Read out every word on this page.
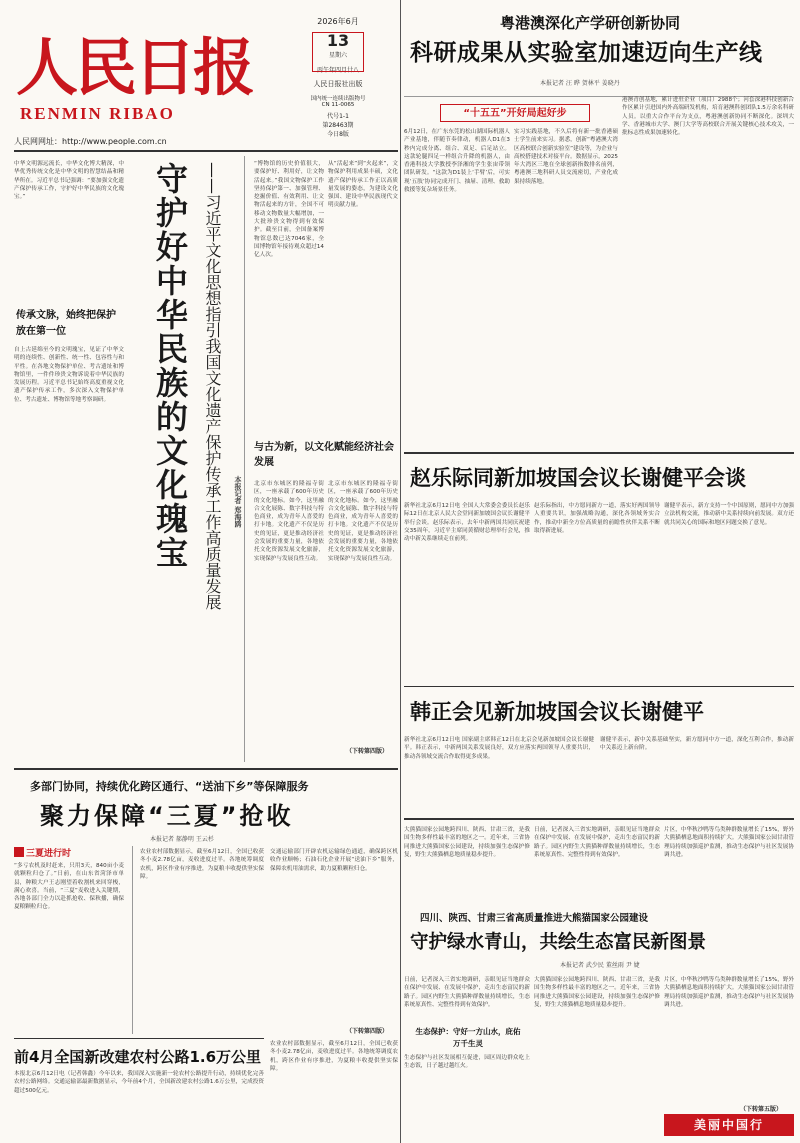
人民日报
RENMIN RIBAO
人民网网址：http://www.people.com.cn
2026年6月
13
星期六
丙午年四月廿八
人民日报社出版
国内统一连续出版物号
CN 11-0065
代号1-1
第28463期
今日8版
粤港澳深化产学研创新协同
科研成果从实验室加速迈向生产线
本报记者 汪 晔 贺林平 姜晓丹
“十五五”开好局起好步
6月12日，在广东东莞的松山湖国际机器人产业基地，伴随节奏律动，机器人D1在3秒内完成分离、组合、双足、后足站立。这款轮腿四足一样组合升降的机器人，由香港科技大学教授李泽湘的学生张宙带领团队研发。“这款为D1装上‘手臂’后，可实现‘五肢’协同完成开门、抽屉、清理、救助救援等复杂场景任务。
实习实践基地，不久后将有新一批香港硕士学生前来实习。据悉，创新“粤港澳大湾区高校联合创新实验室”建设等，为企业与高校搭建技术对接平台。数据显示，2025年大湾区三地在全球创新指数排名前列，粤港澳三地科研人员交流密切，产业化成果持续落地。
港澳青创基地，累计进驻企业（项目）2988个；河套深港科技创新合作区累计引进国内外高端研发机构，培育港澳科创团队1.5万余名科研人员。以重大合作平台为支点，粤港澳创新协同不断深化。深圳大学、香港城市大学、澳门大学等高校联合开展关键核心技术攻关，一批标志性成果加速转化。
中华文明源远流长，中华文化博大精深，中华优秀传统文化是中华文明的智慧结晶和精华所在。习近平总书记强调：“要加强文化遗产保护传承工作，守护好中华民族的文化瑰宝。”
传承文脉，始终把保护放在第一位
自上古延绵至今的文明瑰宝，见证了中华文明的连续性、创新性、统一性、包容性与和平性。在各地文物保护单位、考古遗址和博物馆里，一件件珍贵文物诉说着中华民族的发展历程。习近平总书记始终高度重视文化遗产保护传承工作，多次深入文物保护单位、考古遗址、博物馆等地考察调研。	守护好中华民族的文化瑰宝 ——习近平文化思想指引我国文化遗产保护传承工作高质量发展 本报记者 郑海鸥
“博物馆的历史价值很大，要保护好、利用好，让文物活起来。”我国文物保护工作坚持保护第一、加强管理、挖掘价值、有效利用、让文物活起来的方针，全国不可移动文物数量大幅增加，一大批珍贵文物得到有效保护。截至目前，全国备案博物馆总数已达7046家，全国博物馆年接待观众超过14亿人次。
从“活起来”到“火起来”，文物保护利用成果丰硕，文化遗产保护传承工作正以高质量发展的姿态，为建设文化强国、建设中华民族现代文明贡献力量。
与古为新，以文化赋能经济社会发展
北京市东城区的隆福寺街区，一座承载了600年历史的文化地标。如今，这里融合文化展陈、数字科技与特色商业，成为青年人喜爱的打卡地。文化遗产不仅是历史的见证，更是推动经济社会发展的重要力量，各地依托文化资源发展文化旅游，实现保护与发展良性互动。
北京市东城区的隆福寺街区，一座承载了600年历史的文化地标。如今，这里融合文化展陈、数字科技与特色商业，成为青年人喜爱的打卡地。文化遗产不仅是历史的见证，更是推动经济社会发展的重要力量，各地依托文化资源发展文化旅游，实现保护与发展良性互动。
（下转第四版）
赵乐际同新加坡国会议长谢健平会谈
新华社北京6月12日电 全国人大常委会委员长赵乐际12日在北京人民大会堂同新加坡国会议长谢健平举行会谈。赵乐际表示，去年中新两国共同庆祝建交35周年，习近平主席同黄循财总理举行会见，推动中新关系继续走在前列。
赵乐际指出，中方愿同新方一道，落实好两国领导人重要共识，加强战略沟通，深化各领域务实合作，推动中新全方位高质量的前瞻性伙伴关系不断取得新进展。
谢健平表示，新方支持一个中国原则，愿同中方加强立法机构交流，推动新中关系持续向前发展。双方还就共同关心的国际和地区问题交换了意见。
韩正会见新加坡国会议长谢健平
新华社北京6月12日电 国家副主席韩正12日在北京会见新加坡国会议长谢健平。韩正表示，中新两国关系发展良好，双方应落实两国领导人重要共识，推动各领域交流合作取得更多成果。
谢健平表示，新中关系基础坚实，新方愿同中方一道，深化互利合作，推动新中关系迈上新台阶。
多部门协同，持续优化跨区通行、“送油下乡”等保障服务
聚力保障“三夏”抢收
本报记者 郝静明 王云杉
三夏进行时
“多亏农机及时赶来，只用3天，840亩小麦就颗粒归仓了。”日前，在山东省菏泽市单县，种粮大户王志刚望着收割机来回穿梭，满心欢喜。当前，“三夏”麦收进入关键期，各地各部门全力以赴抓抢收、保秋播，确保夏粮颗粒归仓。
农业农村部数据显示，截至6月12日，全国已收获冬小麦2.78亿亩，麦收进度过半。各地统筹调度农机，跨区作业有序推进，为夏粮丰收提供坚实保障。
交通运输部门开辟农机运输绿色通道，确保跨区机收作业顺畅；石油石化企业开展“送油下乡”服务，保障农机用油需求，助力夏粮颗粒归仓。
（下转第四版）
前4月全国新改建农村公路1.6万公里
本报北京6月12日电（记者韩鑫）今年以来，我国深入实施新一轮农村公路提升行动，持续优化完善农村公路网络。交通运输部最新数据显示，今年前4个月，全国新改建农村公路1.6万公里，完成投资超过500亿元。
农业农村部数据显示，截至6月12日，全国已收获冬小麦2.78亿亩，麦收进度过半。各地统筹调度农机，跨区作业有序推进，为夏粮丰收提供坚实保障。
大熊猫国家公园地跨四川、陕西、甘肃三省，是我国生物多样性最丰富的地区之一。近年来，三省协同推进大熊猫国家公园建设，持续加强生态保护修复，野生大熊猫栖息地质量稳步提升。
日前，记者深入三省实地调研，亲眼见证当地群众在保护中发展、在发展中保护，走出生态富民的新路子。园区内野生大熊猫种群数量持续增长，生态系统原真性、完整性得到有效保护。
片区，中华秋沙鸭等鸟类种群数量增长了15%，野外大熊猫栖息地面积持续扩大。大熊猫国家公园甘肃管理局持续加强巡护监测，推动生态保护与社区发展协调共进。
四川、陕西、甘肃三省高质量推进大熊猫国家公园建设
守护绿水青山，共绘生态富民新图景
本报记者 武少民 董丝雨 尹 婕
日前，记者深入三省实地调研，亲眼见证当地群众在保护中发展、在发展中保护，走出生态富民的新路子。园区内野生大熊猫种群数量持续增长，生态系统原真性、完整性得到有效保护。
生态保护：守好一方山水，庇佑万千生灵
生态保护与社区发展相互促进，园区周边群众吃上生态饭，日子越过越红火。
大熊猫国家公园地跨四川、陕西、甘肃三省，是我国生物多样性最丰富的地区之一。近年来，三省协同推进大熊猫国家公园建设，持续加强生态保护修复，野生大熊猫栖息地质量稳步提升。
片区，中华秋沙鸭等鸟类种群数量增长了15%，野外大熊猫栖息地面积持续扩大。大熊猫国家公园甘肃管理局持续加强巡护监测，推动生态保护与社区发展协调共进。
（下转第五版）
美丽中国行
